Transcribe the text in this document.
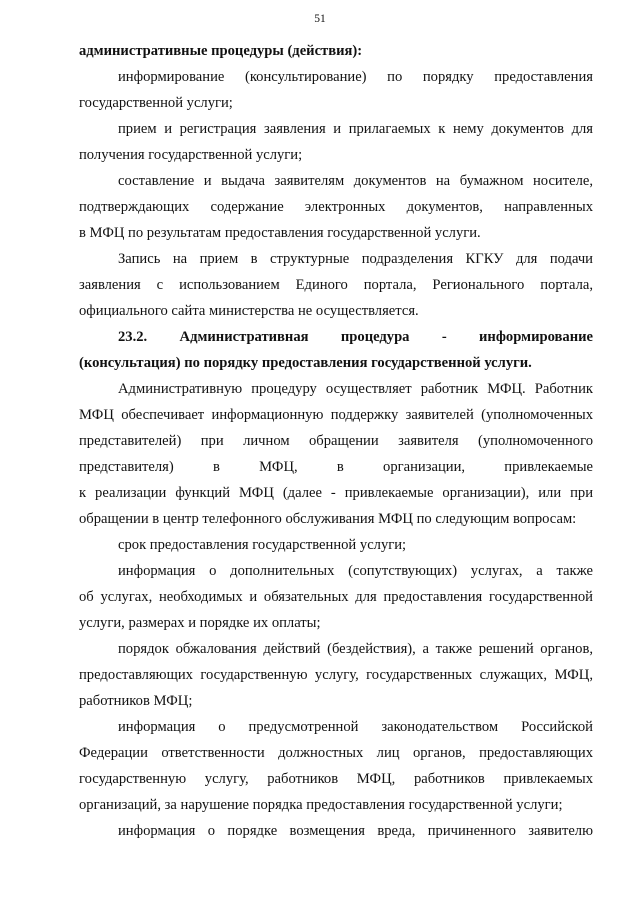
51
административные процедуры (действия):
информирование (консультирование) по порядку предоставления
государственной услуги;
прием и регистрация заявления и прилагаемых к нему документов для
получения государственной услуги;
составление и выдача заявителям документов на бумажном носителе,
подтверждающих содержание электронных документов, направленных
в МФЦ по результатам предоставления государственной услуги.
Запись на прием в структурные подразделения КГКУ для подачи
заявления с использованием Единого портала, Регионального портала,
официального сайта министерства не осуществляется.
23.2. Административная процедура - информирование
(консультация) по порядку предоставления государственной услуги.
Административную процедуру осуществляет работник МФЦ. Работник
МФЦ обеспечивает информационную поддержку заявителей (уполномоченных
представителей) при личном обращении заявителя (уполномоченного
представителя) в МФЦ, в организации, привлекаемые
к реализации функций МФЦ (далее - привлекаемые организации), или при
обращении в центр телефонного обслуживания МФЦ по следующим вопросам:
срок предоставления государственной услуги;
информация о дополнительных (сопутствующих) услугах, а также
об услугах, необходимых и обязательных для предоставления государственной
услуги, размерах и порядке их оплаты;
порядок обжалования действий (бездействия), а также решений органов,
предоставляющих государственную услугу, государственных служащих, МФЦ,
работников МФЦ;
информация о предусмотренной законодательством Российской
Федерации ответственности должностных лиц органов, предоставляющих
государственную услугу, работников МФЦ, работников привлекаемых
организаций, за нарушение порядка предоставления государственной услуги;
информация о порядке возмещения вреда, причиненного заявителю
